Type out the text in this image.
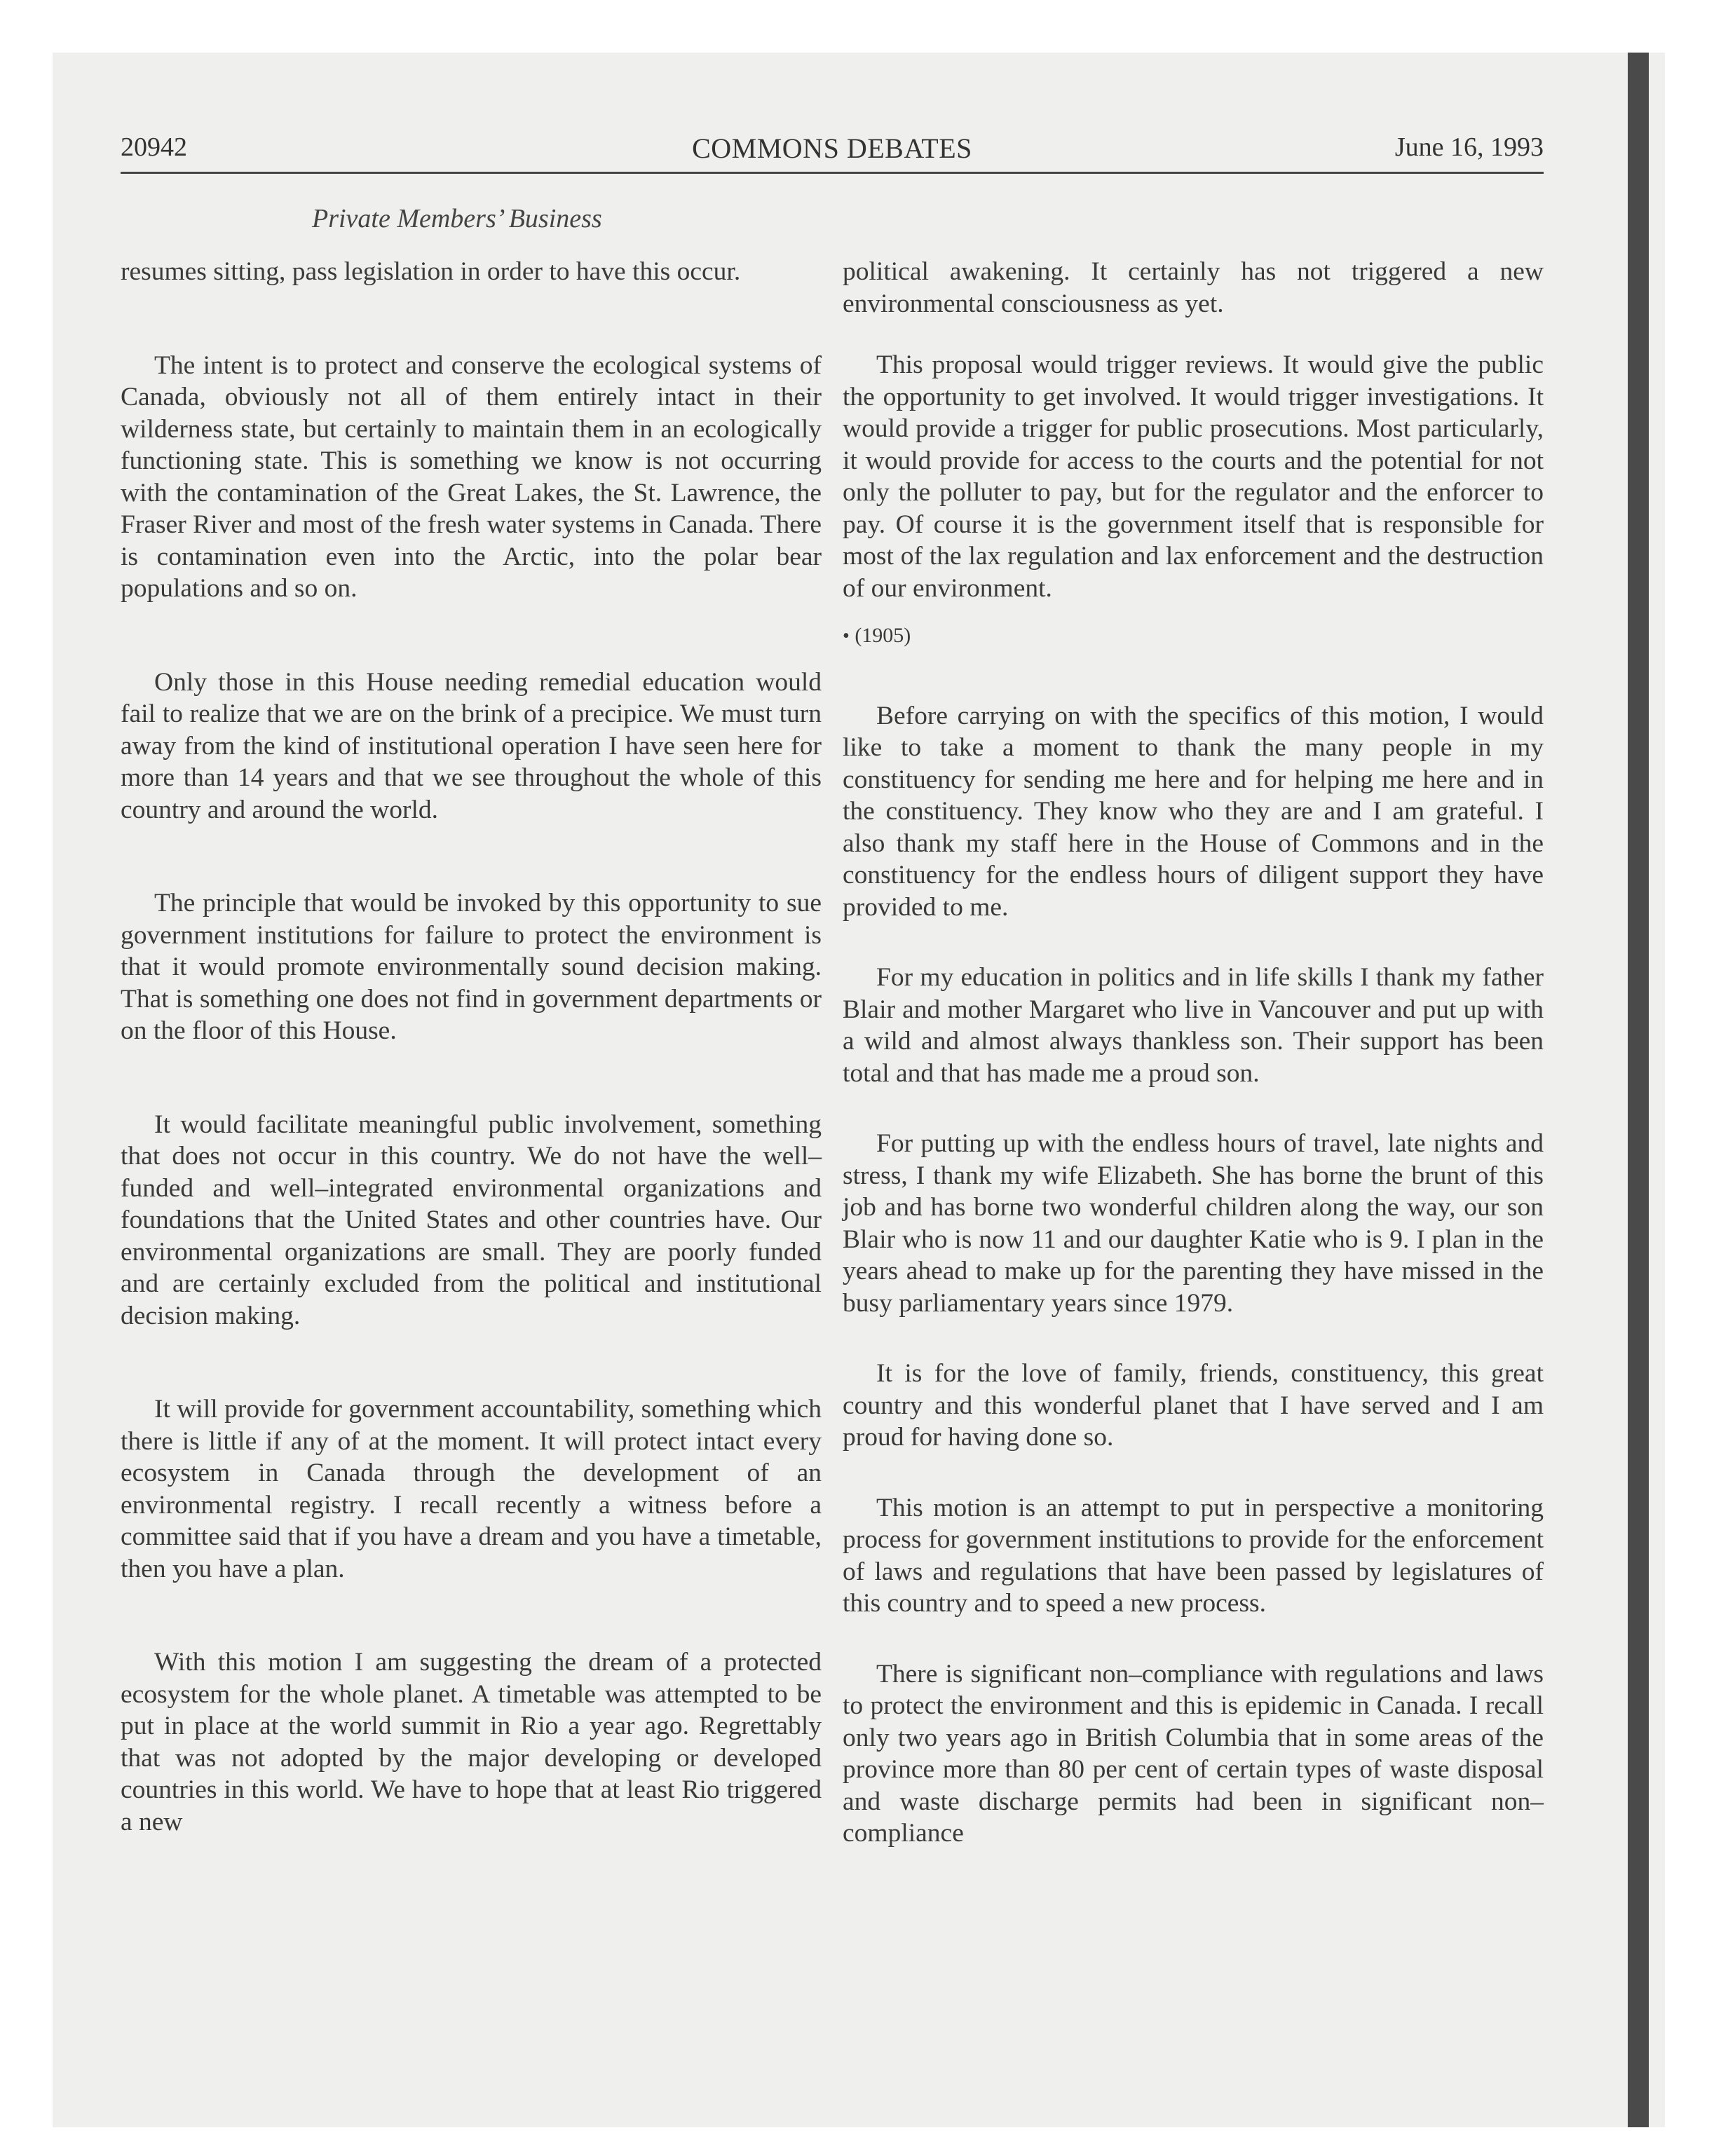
20942	COMMONS DEBATES	June 16, 1993
Private Members’ Business

resumes sitting, pass legislation in order to have this occur.

The intent is to protect and conserve the ecological systems of Canada, obviously not all of them entirely intact in their wilderness state, but certainly to maintain them in an ecologically functioning state. This is something we know is not occurring with the contamination of the Great Lakes, the St. Lawrence, the Fraser River and most of the fresh water systems in Canada. There is contamination even into the Arctic, into the polar bear populations and so on.

Only those in this House needing remedial education would fail to realize that we are on the brink of a precipice. We must turn away from the kind of institutional operation I have seen here for more than 14 years and that we see throughout the whole of this country and around the world.

The principle that would be invoked by this opportunity to sue government institutions for failure to protect the environment is that it would promote environmentally sound decision making. That is something one does not find in government departments or on the floor of this House.

It would facilitate meaningful public involvement, something that does not occur in this country. We do not have the well–funded and well–integrated environmental organizations and foundations that the United States and other countries have. Our environmental organizations are small. They are poorly funded and are certainly excluded from the political and institutional decision making.

It will provide for government accountability, something which there is little if any of at the moment. It will protect intact every ecosystem in Canada through the development of an environmental registry. I recall recently a witness before a committee said that if you have a dream and you have a timetable, then you have a plan.

With this motion I am suggesting the dream of a protected ecosystem for the whole planet. A timetable was attempted to be put in place at the world summit in Rio a year ago. Regrettably that was not adopted by the major developing or developed countries in this world. We have to hope that at least Rio triggered a new

political awakening. It certainly has not triggered a new environmental consciousness as yet.

This proposal would trigger reviews. It would give the public the opportunity to get involved. It would trigger investigations. It would provide a trigger for public prosecutions. Most particularly, it would provide for access to the courts and the potential for not only the polluter to pay, but for the regulator and the enforcer to pay. Of course it is the government itself that is responsible for most of the lax regulation and lax enforcement and the destruction of our environment.

• (1905)

Before carrying on with the specifics of this motion, I would like to take a moment to thank the many people in my constituency for sending me here and for helping me here and in the constituency. They know who they are and I am grateful. I also thank my staff here in the House of Commons and in the constituency for the endless hours of diligent support they have provided to me.

For my education in politics and in life skills I thank my father Blair and mother Margaret who live in Vancouver and put up with a wild and almost always thankless son. Their support has been total and that has made me a proud son.

For putting up with the endless hours of travel, late nights and stress, I thank my wife Elizabeth. She has borne the brunt of this job and has borne two wonderful children along the way, our son Blair who is now 11 and our daughter Katie who is 9. I plan in the years ahead to make up for the parenting they have missed in the busy parliamentary years since 1979.

It is for the love of family, friends, constituency, this great country and this wonderful planet that I have served and I am proud for having done so.

This motion is an attempt to put in perspective a monitoring process for government institutions to provide for the enforcement of laws and regulations that have been passed by legislatures of this country and to speed a new process.

There is significant non–compliance with regulations and laws to protect the environment and this is epidemic in Canada. I recall only two years ago in British Columbia that in some areas of the province more than 80 per cent of certain types of waste disposal and waste discharge permits had been in significant non–compliance
